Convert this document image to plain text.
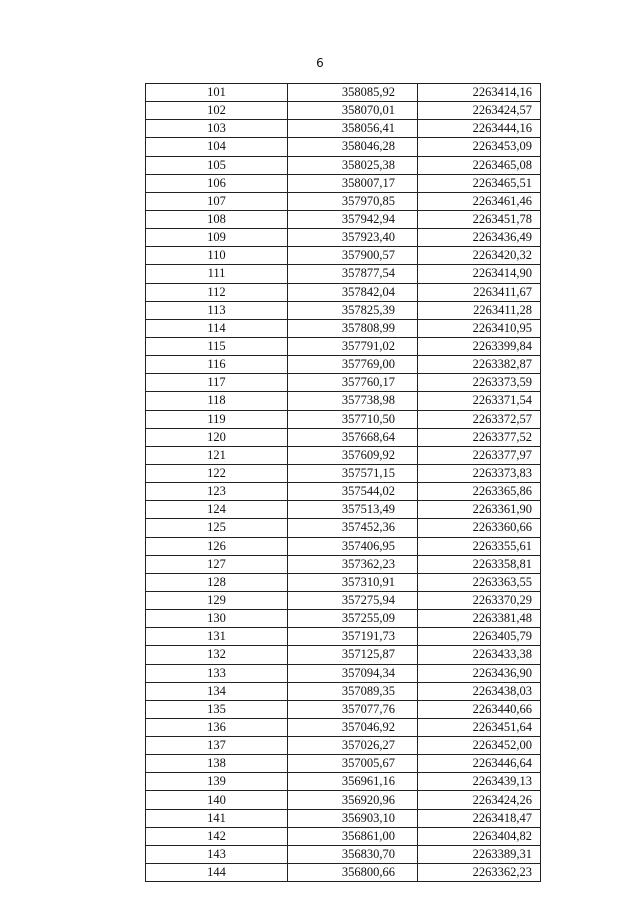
6
101	358085,92	2263414,16
102	358070,01	2263424,57
103	358056,41	2263444,16
104	358046,28	2263453,09
105	358025,38	2263465,08
106	358007,17	2263465,51
107	357970,85	2263461,46
108	357942,94	2263451,78
109	357923,40	2263436,49
110	357900,57	2263420,32
111	357877,54	2263414,90
112	357842,04	2263411,67
113	357825,39	2263411,28
114	357808,99	2263410,95
115	357791,02	2263399,84
116	357769,00	2263382,87
117	357760,17	2263373,59
118	357738,98	2263371,54
119	357710,50	2263372,57
120	357668,64	2263377,52
121	357609,92	2263377,97
122	357571,15	2263373,83
123	357544,02	2263365,86
124	357513,49	2263361,90
125	357452,36	2263360,66
126	357406,95	2263355,61
127	357362,23	2263358,81
128	357310,91	2263363,55
129	357275,94	2263370,29
130	357255,09	2263381,48
131	357191,73	2263405,79
132	357125,87	2263433,38
133	357094,34	2263436,90
134	357089,35	2263438,03
135	357077,76	2263440,66
136	357046,92	2263451,64
137	357026,27	2263452,00
138	357005,67	2263446,64
139	356961,16	2263439,13
140	356920,96	2263424,26
141	356903,10	2263418,47
142	356861,00	2263404,82
143	356830,70	2263389,31
144	356800,66	2263362,23
